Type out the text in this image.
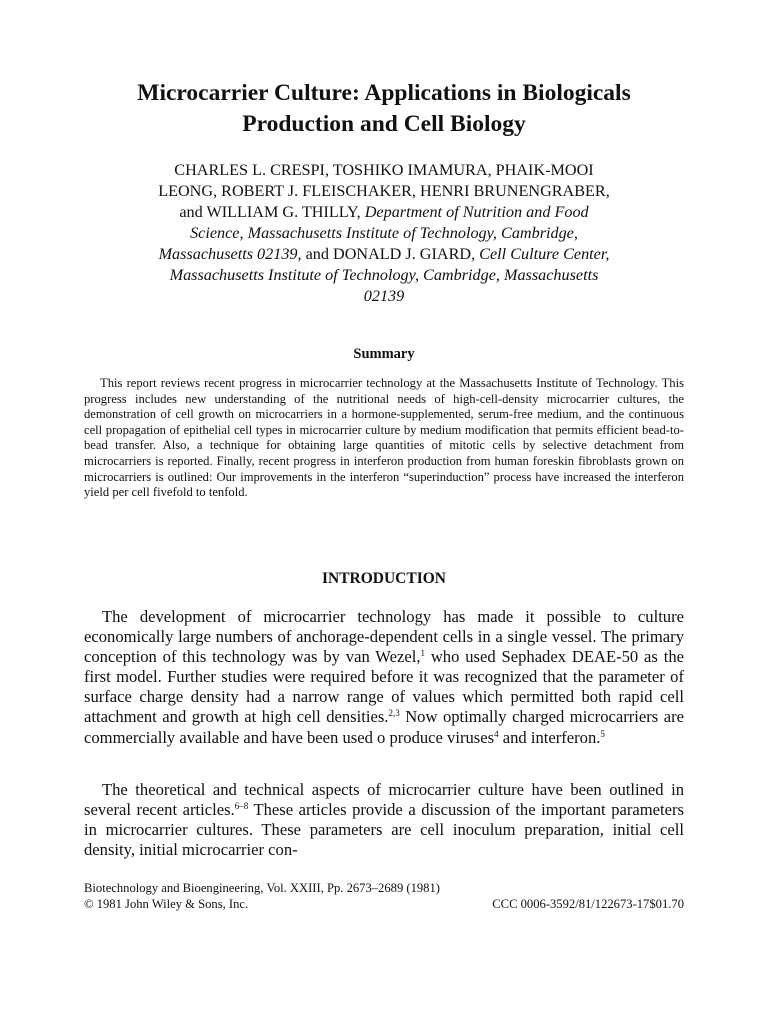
Microcarrier Culture: Applications in Biologicals
Production and Cell Biology

CHARLES L. CRESPI, TOSHIKO IMAMURA, PHAIK-MOOI
LEONG, ROBERT J. FLEISCHAKER, HENRI BRUNENGRABER,
and WILLIAM G. THILLY, Department of Nutrition and Food
Science, Massachusetts Institute of Technology, Cambridge,
Massachusetts 02139, and DONALD J. GIARD, Cell Culture Center,
Massachusetts Institute of Technology, Cambridge, Massachusetts
02139

Summary

This report reviews recent progress in microcarrier technology at the Massachusetts Institute of Technology. This progress includes new understanding of the nutritional needs of high-cell-density microcarrier cultures, the demonstration of cell growth on microcarriers in a hormone-supplemented, serum-free medium, and the continuous cell propagation of epithelial cell types in microcarrier culture by medium modification that permits efficient bead-to-bead transfer. Also, a technique for obtaining large quantities of mitotic cells by selective detachment from microcarriers is reported. Finally, recent progress in interferon production from human foreskin fibroblasts grown on microcarriers is outlined: Our improvements in the interferon “superinduction” process have increased the interferon yield per cell fivefold to tenfold.

INTRODUCTION

The development of microcarrier technology has made it possible to culture economically large numbers of anchorage-dependent cells in a single vessel. The primary conception of this technology was by van Wezel,$^1$ who used Sephadex DEAE-50 as the first model. Further studies were required before it was recognized that the parameter of surface charge density had a narrow range of values which permitted both rapid cell attachment and growth at high cell densities.$^{2,3}$ Now optimally charged microcarriers are commercially available and have been used o produce viruses$^4$ and interferon.$^5$

The theoretical and technical aspects of microcarrier culture have been outlined in several recent articles.$^{6-8}$ These articles provide a discussion of the important parameters in microcarrier cultures. These parameters are cell inoculum preparation, initial cell density, initial microcarrier con-

Biotechnology and Bioengineering, Vol. XXIII, Pp. 2673–2689 (1981)
© 1981 John Wiley & Sons, Inc.	CCC 0006-3592/81/122673-17$01.70
